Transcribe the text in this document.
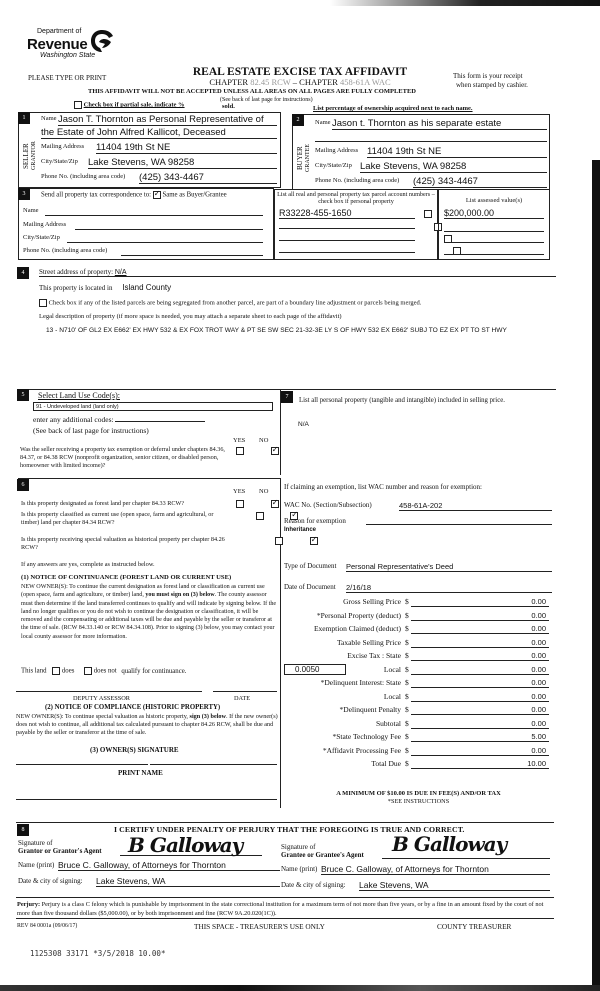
Department of
Revenue
Washington State
PLEASE TYPE OR PRINT	REAL ESTATE EXCISE TAX AFFIDAVIT
CHAPTER 82.45 RCW – CHAPTER 458-61A WAC
This form is your receipt
when stamped by cashier.
THIS AFFIDAVIT WILL NOT BE ACCEPTED UNLESS ALL AREAS ON ALL PAGES ARE FULLY COMPLETED
(See back of last page for instructions)
Check box if partial sale, indicate %	sold.	List percentage of ownership acquired next to each name.
1
SELLER GRANTOR
Name Jason T. Thornton as Personal Representative of
the Estate of John Alfred Kallicot, Deceased
Mailing Address 11404 19th St NE
City/State/Zip Lake Stevens, WA 98258
Phone No. (including area code) (425) 343-4467
2
BUYER GRANTEE
Name Jason t. Thornton as his separate estate
Mailing Address 11404 19th St NE
City/State/Zip Lake Stevens, WA 98258
Phone No. (including area code) (425) 343-4467
3	Send all property tax correspondence to: ✓ Same as Buyer/Grantee
Name
Mailing Address
City/State/Zip
Phone No. (including area code)
List all real and personal property tax parcel account numbers – check box if personal property
R33228-455-1650

List assessed value(s)
$200,000.00
4	Street address of property: N/A
This property is located in Island County
Check box if any of the listed parcels are being segregated from another parcel, are part of a boundary line adjustment or parcels being merged.
Legal description of property (if more space is needed, you may attach a separate sheet to each page of the affidavit)
13 - N710' OF GL2 EX E662' EX HWY 532 & EX FOX TROT WAY & PT SE SW SEC 21-32-3E LY S OF HWY 532 EX E662' SUBJ TO EZ EX PT TO ST HWY
5	Select Land Use Code(s):
91 - Undeveloped land (land only)
enter any additional codes:
(See back of last page for instructions)
YES NO
Was the seller receiving a property tax exemption or deferral under chapters 84.36, 84.37, or 84.38 RCW (nonprofit organization, senior citizen, or disabled person, homeowner with limited income)?
✓
6
YES NO
Is this property designated as forest land per chapter 84.33 RCW?
✓
Is this property classified as current use (open space, farm and agricultural, or timber) land per chapter 84.34 RCW?
✓
Is this property receiving special valuation as historical property per chapter 84.26 RCW?
✓
If any answers are yes, complete as instructed below.
(1) NOTICE OF CONTINUANCE (FOREST LAND OR CURRENT USE)
NEW OWNER(S): To continue the current designation as forest land or classification as current use (open space, farm and agriculture, or timber) land, you must sign on (3) below. The county assessor must then determine if the land transferred continues to qualify and will indicate by signing below. If the land no longer qualifies or you do not wish to continue the designation or classification, it will be removed and the compensating or additional taxes will be due and payable by the seller or transferor at the time of sale. (RCW 84.33.140 or RCW 84.34.108). Prior to signing (3) below, you may contact your local county assessor for more information.
This land does	does not qualify for continuance.
DEPUTY ASSESSOR	DATE
(2) NOTICE OF COMPLIANCE (HISTORIC PROPERTY)
NEW OWNER(S): To continue special valuation as historic property, sign (3) below. If the new owner(s) does not wish to continue, all additional tax calculated pursuant to chapter 84.26 RCW, shall be due and payable by the seller or transferor at the time of sale.
(3) OWNER(S) SIGNATURE
PRINT NAME
7	List all personal property (tangible and intangible) included in selling price.
N/A
If claiming an exemption, list WAC number and reason for exemption:
WAC No. (Section/Subsection)	458-61A-202
Reason for exemption
Inheritance
Type of Document Personal Representative's Deed
Date of Document 2/16/18
Gross Selling Price $	0.00
*Personal Property (deduct) $	0.00
Exemption Claimed (deduct) $	0.00
Taxable Selling Price $	0.00
Excise Tax : State $	0.00
0.0050	Local $	0.00
*Delinquent Interest: State $	0.00
Local $	0.00
*Delinquent Penalty $	0.00
Subtotal $	0.00
*State Technology Fee $	5.00
*Affidavit Processing Fee $	0.00
Total Due $	10.00
A MINIMUM OF $10.00 IS DUE IN FEE(S) AND/OR TAX
*SEE INSTRUCTIONS
8	I CERTIFY UNDER PENALTY OF PERJURY THAT THE FOREGOING IS TRUE AND CORRECT.
Signature of
Grantor or Grantor's Agent B Galloway
Name (print) Bruce C. Galloway, of Attorneys for Thornton
Date & city of signing: Lake Stevens, WA
Signature of
Grantee or Grantee's Agent B Galloway
Name (print) Bruce C. Galloway, of Attorneys for Thornton
Date & city of signing: Lake Stevens, WA
Perjury: Perjury is a class C felony which is punishable by imprisonment in the state correctional institution for a maximum term of not more than five years, or by a fine in an amount fixed by the court of not more than five thousand dollars ($5,000.00), or by both imprisonment and fine (RCW 9A.20.020(1C)).
REV 84 0001a (09/06/17)	THIS SPACE - TREASURER'S USE ONLY	COUNTY TREASURER
1125308 33171 *3/5/2018 10.00*
